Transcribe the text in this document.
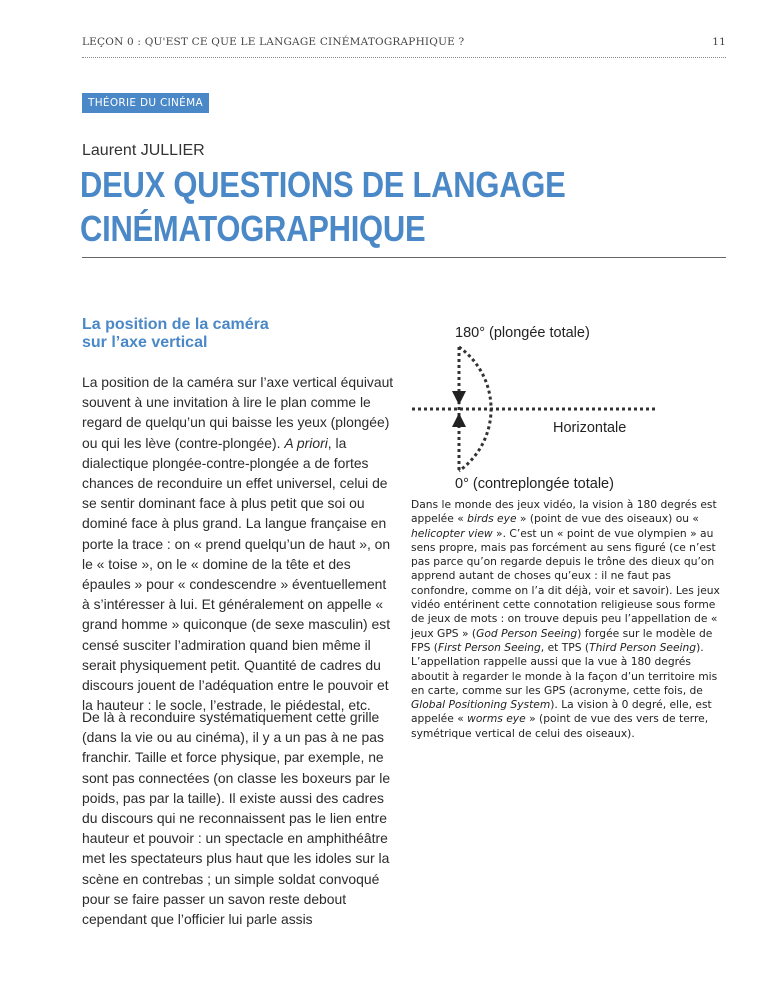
LEÇON 0 : QU'EST CE QUE LE LANGAGE CINÉMATOGRAPHIQUE ?	11
THÉORIE DU CINÉMA
Laurent JULLIER
DEUX QUESTIONS DE LANGAGE
CINÉMATOGRAPHIQUE
La position de la caméra
sur l’axe vertical

La position de la caméra sur l’axe vertical équivaut souvent à une invitation à lire le plan comme le regard de quelqu’un qui baisse les yeux (plongée) ou qui les lève (contre-plongée). A priori, la dialectique plongée-contre-plongée a de fortes chances de reconduire un effet universel, celui de se sentir dominant face à plus petit que soi ou dominé face à plus grand. La langue française en porte la trace : on « prend quelqu’un de haut », on le « toise », on le « domine de la tête et des épaules » pour « condescendre » éventuellement à s’intéresser à lui. Et généralement on appelle « grand homme » quiconque (de sexe masculin) est censé susciter l’admiration quand bien même il serait physiquement petit. Quantité de cadres du discours jouent de l’adéquation entre le pouvoir et la hauteur : le socle, l’estrade, le piédestal, etc.

De là à reconduire systématiquement cette grille (dans la vie ou au cinéma), il y a un pas à ne pas franchir. Taille et force physique, par exemple, ne sont pas connectées (on classe les boxeurs par le poids, pas par la taille). Il existe aussi des cadres du discours qui ne reconnaissent pas le lien entre hauteur et pouvoir : un spectacle en amphithéâtre met les spectateurs plus haut que les idoles sur la scène en contrebas ; un simple soldat convoqué pour se faire passer un savon reste debout cependant que l’officier lui parle assis

180° (plongée totale)
Horizontale
0° (contreplongée totale)

Dans le monde des jeux vidéo, la vision à 180 degrés est appelée « birds eye » (point de vue des oiseaux) ou « helicopter view ». C’est un « point de vue olympien » au sens propre, mais pas forcément au sens figuré (ce n’est pas parce qu’on regarde depuis le trône des dieux qu’on apprend autant de choses qu’eux : il ne faut pas confondre, comme on l’a dit déjà, voir et savoir). Les jeux vidéo entérinent cette connotation religieuse sous forme de jeux de mots : on trouve depuis peu l’appellation de « jeux GPS » (God Person Seeing) forgée sur le modèle de FPS (First Person Seeing, et TPS (Third Person Seeing). L’appellation rappelle aussi que la vue à 180 degrés aboutit à regarder le monde à la façon d’un territoire mis en carte, comme sur les GPS (acronyme, cette fois, de Global Positioning System). La vision à 0 degré, elle, est appelée « worms eye » (point de vue des vers de terre, symétrique vertical de celui des oiseaux).
